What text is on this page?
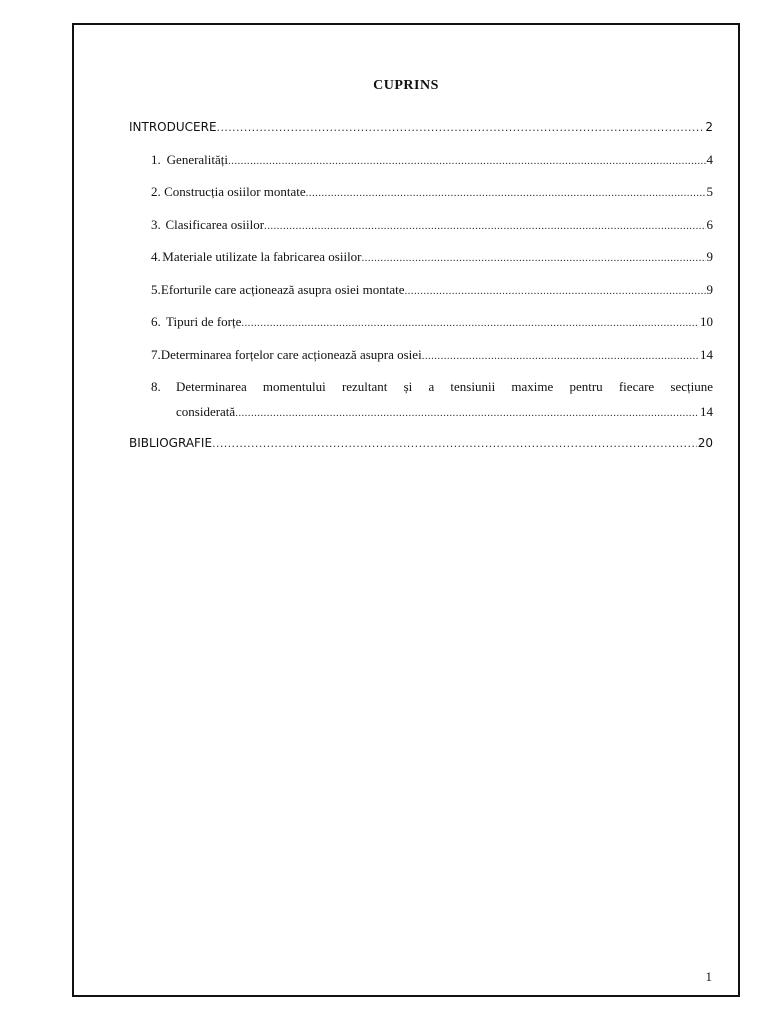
CUPRINS
INTRODUCERE .....	2
1. Generalități .....	4
2. Construcția osiilor montate .....	5
3. Clasificarea osiilor .....	6
4. Materiale utilizate la fabricarea osiilor .....	9
5. Eforturile care acționează asupra osiei montate .....	9
6. Tipuri de forțe .....	10
7. Determinarea forțelor care acționează asupra osiei .....	14
8.	Determinarea momentului rezultant și a tensiunii maxime pentru fiecare secțiune
considerată .....	14
BIBLIOGRAFIE .....	20
1
